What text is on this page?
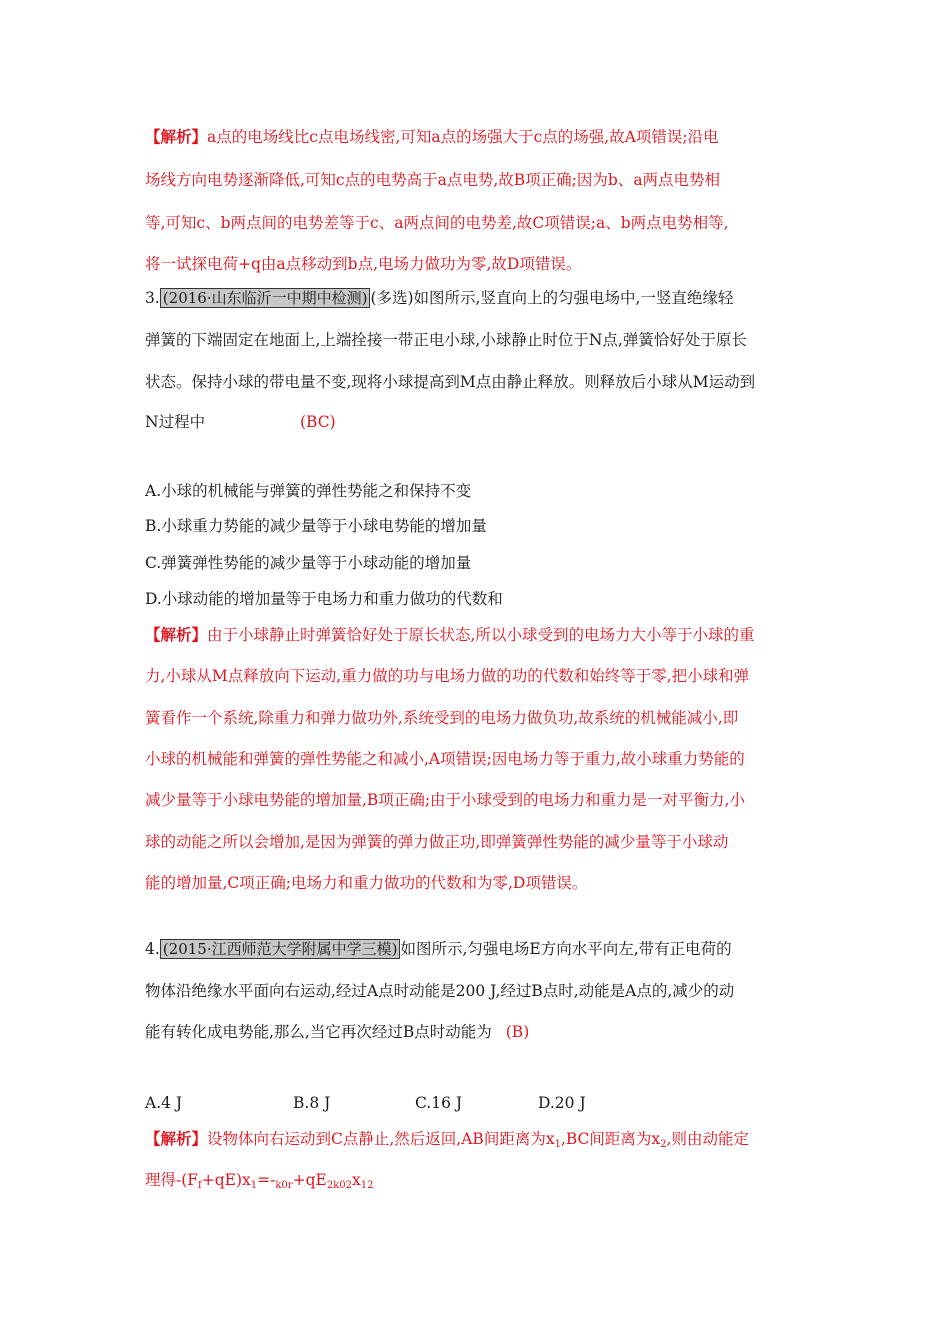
【解析】a点的电场线比c点电场线密,可知a点的场强大于c点的场强,故A项错误;沿电
场线方向电势逐渐降低,可知c点的电势高于a点电势,故B项正确;因为b、a两点电势相
等,可知c、b两点间的电势差等于c、a两点间的电势差,故C项错误;a、b两点电势相等,
将一试探电荷+q由a点移动到b点,电场力做功为零,故D项错误。
3. (2016·山东临沂一中期中检测) (多选)如图所示,竖直向上的匀强电场中,一竖直绝缘轻
弹簧的下端固定在地面上,上端拴接一带正电小球,小球静止时位于N点,弹簧恰好处于原长
状态。保持小球的带电量不变,现将小球提高到M点由静止释放。则释放后小球从M运动到
N过程中	(BC)
A.小球的机械能与弹簧的弹性势能之和保持不变
B.小球重力势能的减少量等于小球电势能的增加量
C.弹簧弹性势能的减少量等于小球动能的增加量
D.小球动能的增加量等于电场力和重力做功的代数和
【解析】由于小球静止时弹簧恰好处于原长状态,所以小球受到的电场力大小等于小球的重
力,小球从M点释放向下运动,重力做的功与电场力做的功的代数和始终等于零,把小球和弹
簧看作一个系统,除重力和弹力做功外,系统受到的电场力做负功,故系统的机械能减小,即
小球的机械能和弹簧的弹性势能之和减小,A项错误;因电场力等于重力,故小球重力势能的
减少量等于小球电势能的增加量,B项正确;由于小球受到的电场力和重力是一对平衡力,小
球的动能之所以会增加,是因为弹簧的弹力做正功,即弹簧弹性势能的减少量等于小球动
能的增加量,C项正确;电场力和重力做功的代数和为零,D项错误。
4. (2015·江西师范大学附属中学三模) 如图所示,匀强电场E方向水平向左,带有正电荷的
物体沿绝缘水平面向右运动,经过A点时动能是200 J,经过B点时,动能是A点的,减少的动
能有转化成电势能,那么,当它再次经过B点时动能为 (B)
A.4 J	B.8 J	C.16 J	D.20 J
【解析】设物体向右运动到C点静止,然后返回,AB间距离为$x_1,BC$间距离为$x_2$,则由动能定
理得$-(F_f+qE)x_1=-_{k0r}+qE_{2k02}x_{12}$
